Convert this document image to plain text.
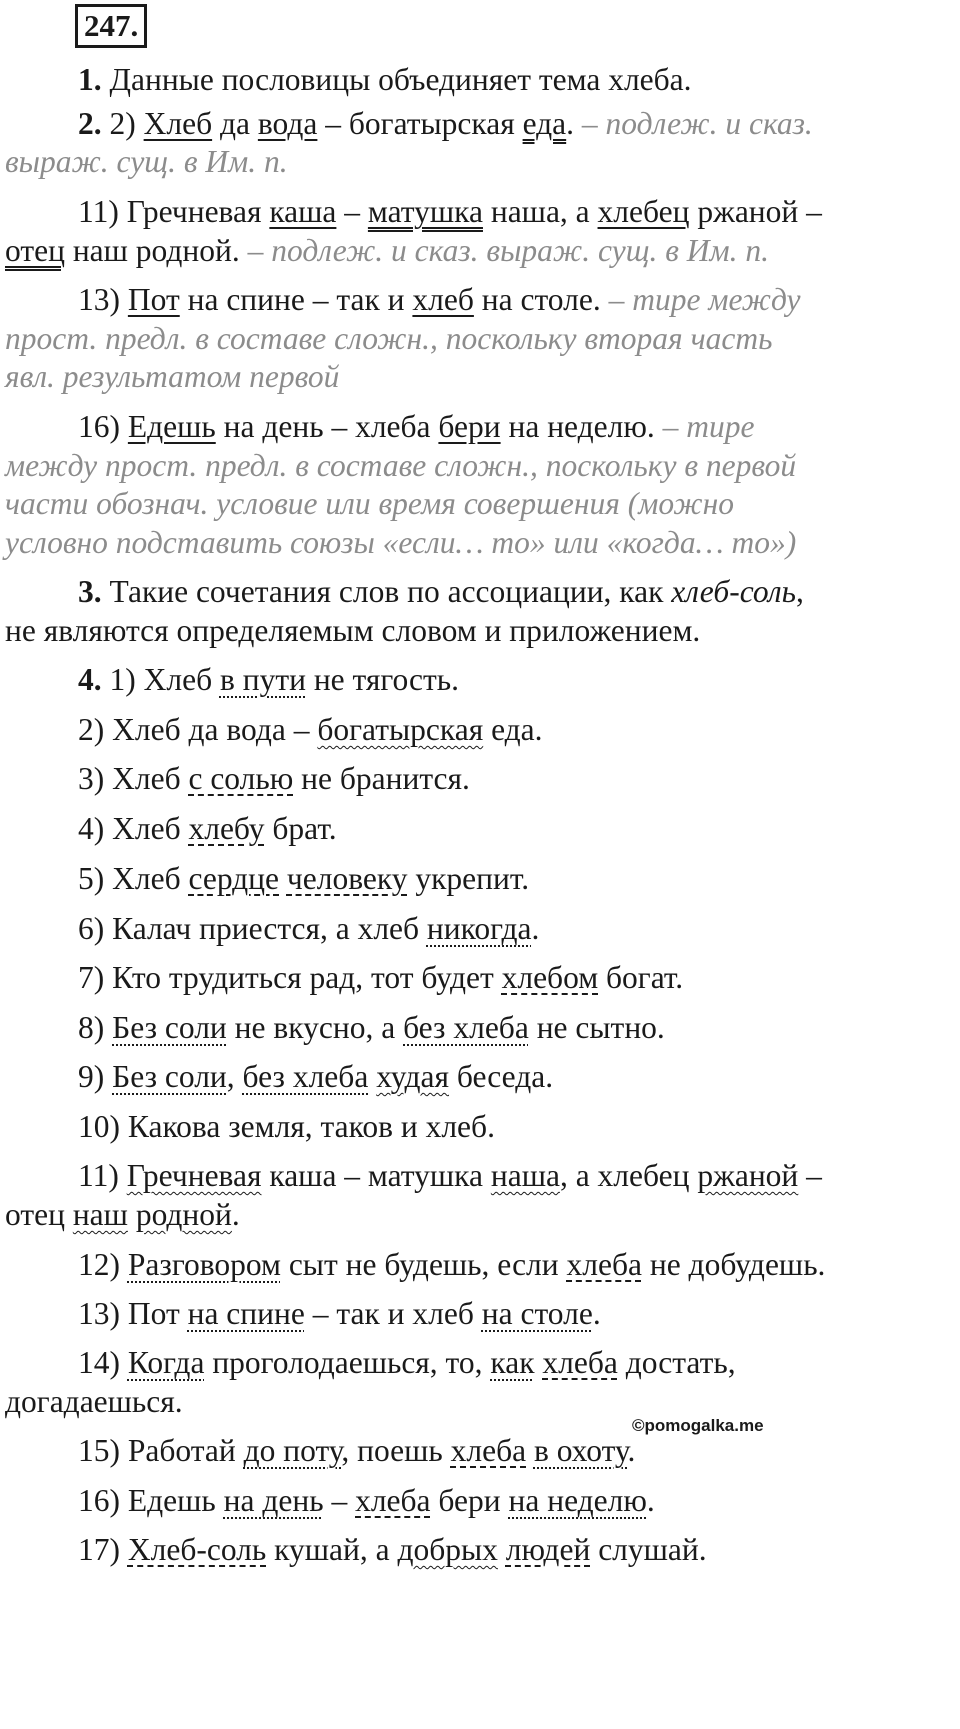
247.
1. Данные пословицы объединяет тема хлеба.
2. 2) Хлеб да вода – богатырская еда. – подлеж. и сказ.
выраж. сущ. в Им. п.
11) Гречневая каша – матушка наша, а хлебец ржаной –
отец наш родной. – подлеж. и сказ. выраж. сущ. в Им. п.
13) Пот на спине – так и хлеб на столе. – тире между
прост. предл. в составе сложн., поскольку вторая часть
явл. результатом первой
16) Едешь на день – хлеба бери на неделю. – тире
между прост. предл. в составе сложн., поскольку в первой
части обознач. условие или время совершения (можно
условно подставить союзы «если… то» или «когда… то»)
3. Такие сочетания слов по ассоциации, как хлеб-соль,
не являются определяемым словом и приложением.
4. 1) Хлеб в пути не тягость.
2) Хлеб да вода – богатырская еда.
3) Хлеб с солью не бранится.
4) Хлеб хлебу брат.
5) Хлеб сердце человеку укрепит.
6) Калач приестся, а хлеб никогда.
7) Кто трудиться рад, тот будет хлебом богат.
8) Без соли не вкусно, а без хлеба не сытно.
9) Без соли, без хлеба худая беседа.
10) Какова земля, таков и хлеб.
11) Гречневая каша – матушка наша, а хлебец ржаной –
отец наш родной.
12) Разговором сыт не будешь, если хлеба не добудешь.
13) Пот на спине – так и хлеб на столе.
14) Когда проголодаешься, то, как хлеба достать,
догадаешься.
15) Работай до поту, поешь хлеба в охоту.
16) Едешь на день – хлеба бери на неделю.
17) Хлеб-соль кушай, а добрых людей слушай.
©pomogalka.me
